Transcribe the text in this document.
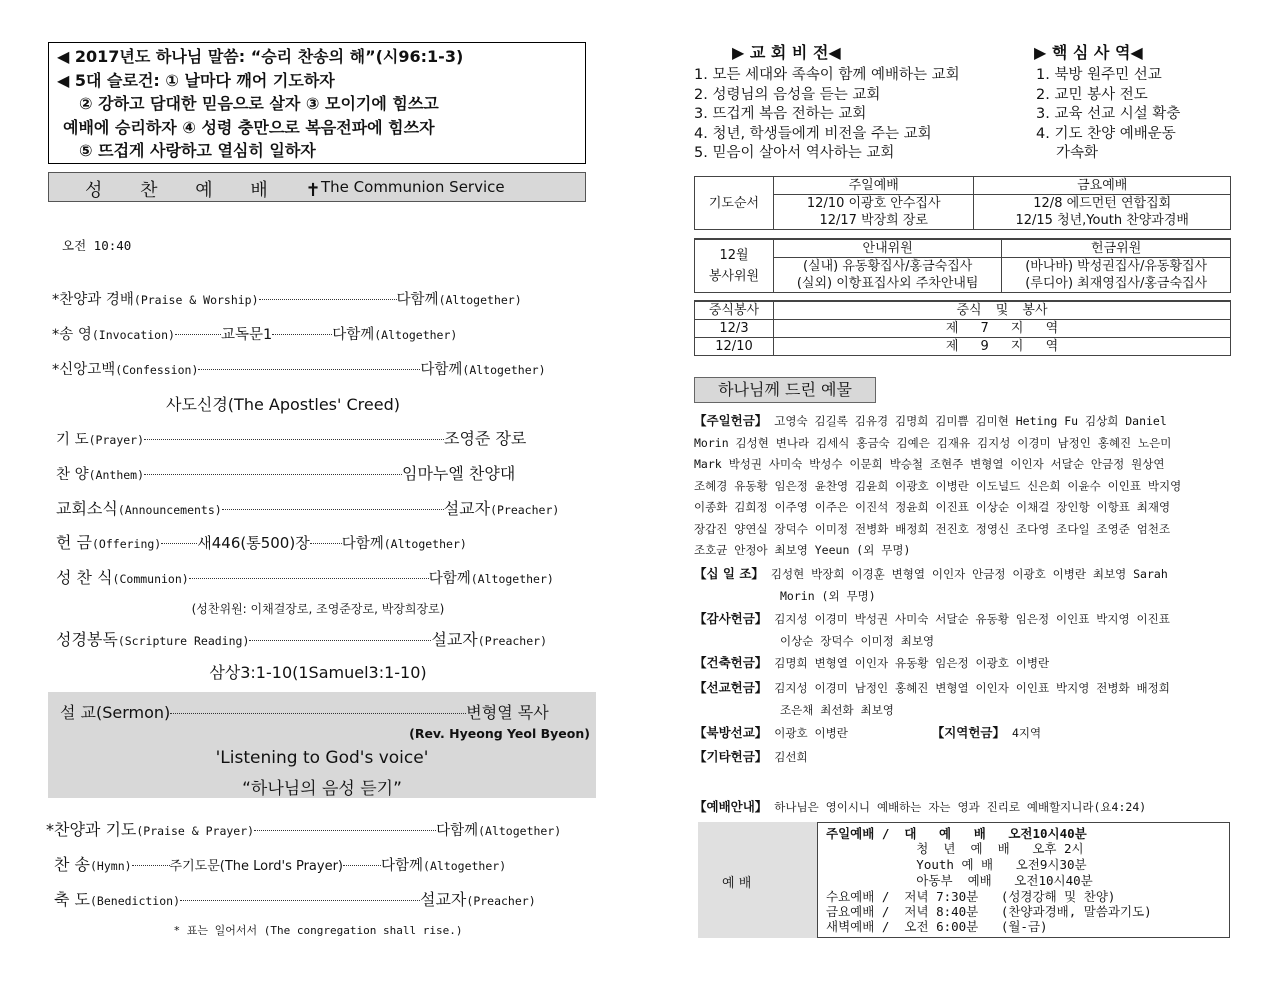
◀ 2017년도 하나님 말씀: “승리 찬송의 해”(시96:1-3)
◀ 5대 슬로건: ① 날마다 깨어 기도하자
② 강하고 담대한 믿음으로 살자 ③ 모이기에 힘쓰고
예배에 승리하자 ④ 성령 충만으로 복음전파에 힘쓰자
⑤ 뜨겁게 사랑하고 열심히 일하자
성 찬 예 배 ✝
The Communion Service
오전 10:40
*찬양과 경배(Praise & Worship)	다함께(Altogether)
*송 영(Invocation)	교독문1	다함께(Altogether)
*신앙고백(Confession)	다함께(Altogether)
사도신경(The Apostles' Creed)
기 도(Prayer)	조영준 장로
찬 양(Anthem)	임마누엘 찬양대
교회소식(Announcements)	설교자(Preacher)
헌 금(Offering) 새446(통500)장 다함께(Altogether)
성 찬 식(Communion)	다함께(Altogether)
(성찬위원: 이채걸장로, 조영준장로, 박장희장로)
성경봉독(Scripture Reading)	설교자(Preacher)
삼상3:1-10(1Samuel3:1-10)
설 교(Sermon)	변형열 목사
(Rev. Hyeong Yeol Byeon)
'Listening to God's voice'
“하나님의 음성 듣기”
*찬양과 기도(Praise & Prayer)	다함께(Altogether)
찬 송(Hymn)	주기도문(The Lord's Prayer)	다함께(Altogether)
축 도(Benediction)	설교자(Preacher)
* 표는 일어서서 (The congregation shall rise.)
▶ 교 회 비 전◀
1. 모든 세대와 족속이 함께 예배하는 교회
2. 성령님의 음성을 듣는 교회
3. 뜨겁게 복음 전하는 교회
4. 청년, 학생들에게 비전을 주는 교회
5. 믿음이 살아서 역사하는 교회
▶ 핵 심 사 역◀
1. 북방 원주민 선교
2. 교민 봉사 전도
3. 교육 선교 시설 확충
4. 기도 찬양 예배운동
가속화
기도순서	주일예배	금요예배
	12/10 이광호 안수집사	12/8 에드먼턴 연합집회
	12/17 박장희 장로	12/15 청년,Youth 찬양과경배
12월
봉사위원	안내위원	헌금위원
	(실내) 유동황집사/홍금숙집사	(바나바) 박성권집사/유동황집사
	(실외) 이항표집사외 주차안내팀	(루디아) 최재영집사/홍금숙집사
중식봉사	중식 및 봉사
12/3	제 7 지 역
12/10	제 9 지 역
하나님께 드린 예물
【주일헌금】 고영숙 김길록 김유경 김명희 김미쁨 김미현 Heting Fu 김상희 Daniel
Morin 김성현 변나라 김세식 홍금숙 김예은 김재유 김지성 이경미 남정인 홍혜진 노은미
Mark 박성권 사미숙 박성수 이문희 박승철 조현주 변형열 이인자 서달순 안금정 원상연
조혜경 유동황 임은정 윤찬영 김윤희 이광호 이병란 이도널드 신은희 이윤수 이인표 박지영
이종화 김희정 이주영 이주은 이진석 정윤희 이진표 이상순 이채걸 장인항 이항표 최재영
장갑진 양연실 장덕수 이미정 전병화 배정희 전진호 정영신 조다영 조다일 조영준 엄천조
조호균 안정아 최보영 Yeeun (외 무명)
【십 일 조】 김성현 박장희 이경훈 변형열 이인자 안금정 이광호 이병란 최보영 Sarah
Morin (외 무명)
【감사헌금】 김지성 이경미 박성권 사미숙 서달순 유동황 임은정 이인표 박지영 이진표
이상순 장덕수 이미정 최보영
【건축헌금】 김명희 변형열 이인자 유동황 임은정 이광호 이병란
【선교헌금】 김지성 이경미 남정인 홍혜진 변형열 이인자 이인표 박지영 전병화 배정희
조은채 최선화 최보영
【북방선교】 이광호 이병란	【지역헌금】 4지역
【기타헌금】 김선희
【예배안내】 하나님은 영이시니 예배하는 자는 영과 진리로 예배할지니라(요4:24)
예 배
주일예배 /  대   예   배   오전10시40분
청  년  예  배   오후 2시
Youth 예 배   오전9시30분
아동부  예배   오전10시40분
수요예배 /  저녁 7:30분   (성경강해 및 찬양)
금요예배 /  저녁 8:40분   (찬양과경배, 말씀과기도)
새벽예배 /  오전 6:00분   (월-금)
